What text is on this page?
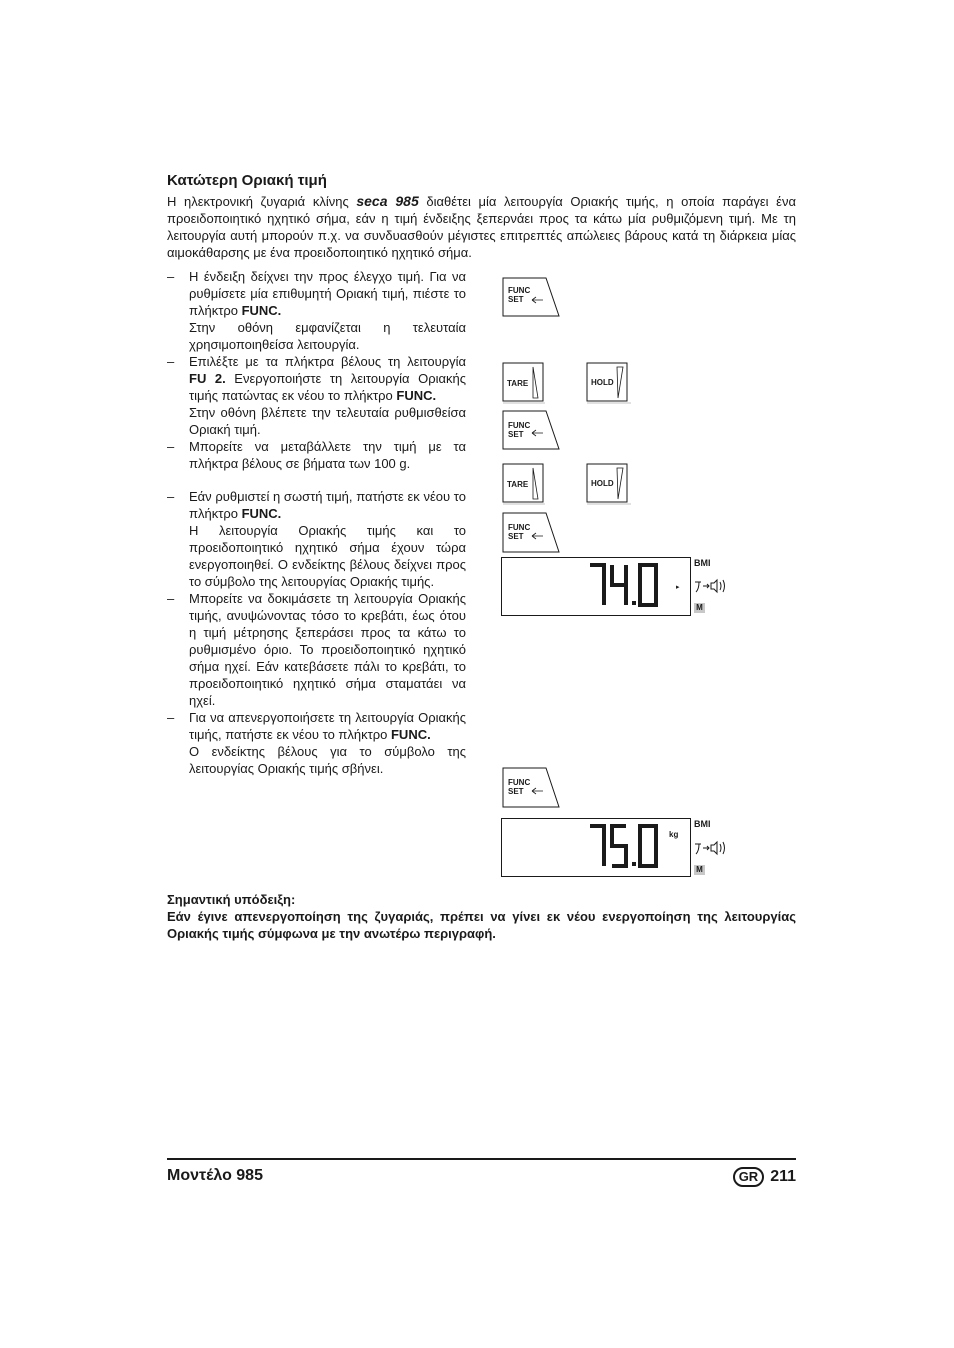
Κατώτερη Οριακή τιμή

Η ηλεκτρονική ζυγαριά κλίνης seca 985 διαθέτει μία λειτουργία Οριακής τιμής, η οποία παράγει ένα προειδοποιητικό ηχητικό σήμα, εάν η τιμή ένδειξης ξεπερνάει προς τα κάτω μία ρυθμιζόμενη τιμή. Με τη λειτουργία αυτή μπορούν π.χ. να συνδυασθούν μέγιστες επιτρεπτές απώλειες βάρους κατά τη διάρκεια μίας αιμοκάθαρσης με ένα προειδοποιητικό ηχητικό σήμα.

– Η ένδειξη δείχνει την προς έλεγχο τιμή. Για να ρυθμίσετε μία επιθυμητή Οριακή τιμή, πιέστε το πλήκτρο FUNC.

Στην οθόνη εμφανίζεται η τελευταία χρησιμοποιηθείσα λειτουργία.

– Επιλέξτε με τα πλήκτρα βέλους τη λειτουργία FU 2. Ενεργοποιήστε τη λειτουργία Οριακής τιμής πατώντας εκ νέου το πλήκτρο FUNC.

Στην οθόνη βλέπετε την τελευταία ρυθμισθείσα Οριακή τιμή.

– Μπορείτε να μεταβάλλετε την τιμή με τα πλήκτρα βέλους σε βήματα των 100 g.

– Εάν ρυθμιστεί η σωστή τιμή, πατήστε εκ νέου το πλήκτρο FUNC.

Η λειτουργία Οριακής τιμής και το προειδοποιητικό ηχητικό σήμα έχουν τώρα ενεργοποιηθεί. Ο ενδείκτης βέλους δείχνει προς το σύμβολο της λειτουργίας Οριακής τιμής.

– Μπορείτε να δοκιμάσετε τη λειτουργία Οριακής τιμής, ανυψώνοντας τόσο το κρεβάτι, έως ότου η τιμή μέτρησης ξεπεράσει προς τα κάτω το ρυθμισμένο όριο. Το προειδοποιητικό ηχητικό σήμα ηχεί. Εάν κατεβάσετε πάλι το κρεβάτι, το προειδοποιητικό ηχητικό σήμα σταματάει να ηχεί.

– Για να απενεργοποιήσετε τη λειτουργία Οριακής τιμής, πατήστε εκ νέου το πλήκτρο FUNC.

Ο ενδείκτης βέλους για το σύμβολο της λειτουργίας Οριακής τιμής σβήνει.

FUNC
SET
TARE	HOLD
FUNC
SET
TARE	HOLD
FUNC
SET
▸
BMI
M
FUNC
SET
kg
BMI
M

Σημαντική υπόδειξη:

Εάν έγινε απενεργοποίηση της ζυγαριάς, πρέπει να γίνει εκ νέου ενεργοποίηση της λειτουργίας Οριακής τιμής σύμφωνα με την ανωτέρω περιγραφή.

Μοντέλο 985	GR 211
